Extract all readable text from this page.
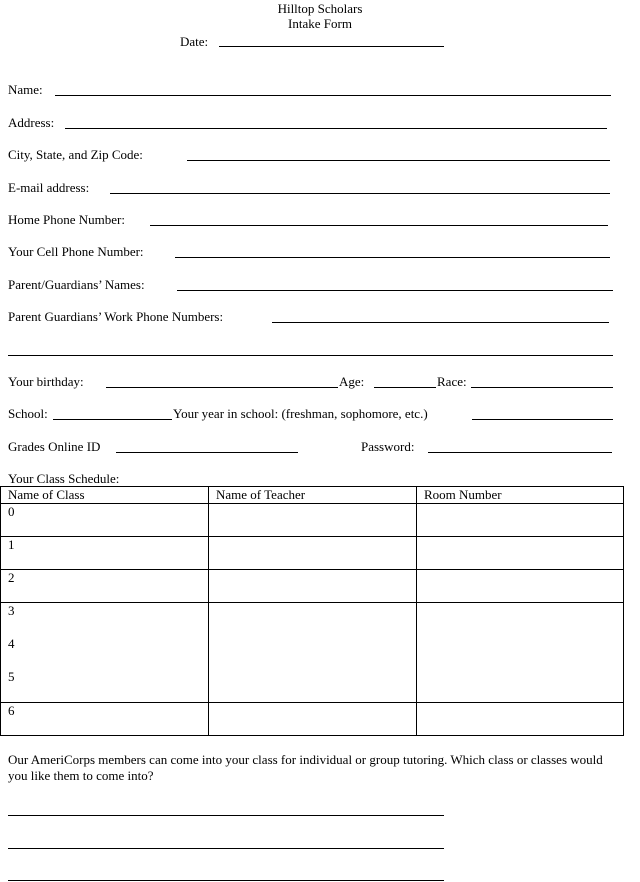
Hilltop Scholars
Intake Form
Date:
Name:
Address:
City, State, and Zip Code:
E-mail address:
Home Phone Number:
Your Cell Phone Number:
Parent/Guardians’ Names:
Parent Guardians’ Work Phone Numbers:
Your birthday:	Age:	Race:
School:	Your year in school: (freshman, sophomore, etc.)
Grades Online ID	Password:
Your Class Schedule:
Name of Class	Name of Teacher	Room Number
0		
1		
2		

3
4
5		

6		
Our AmeriCorps members can come into your class for individual or group tutoring. Which class or classes would you like them to come into?
